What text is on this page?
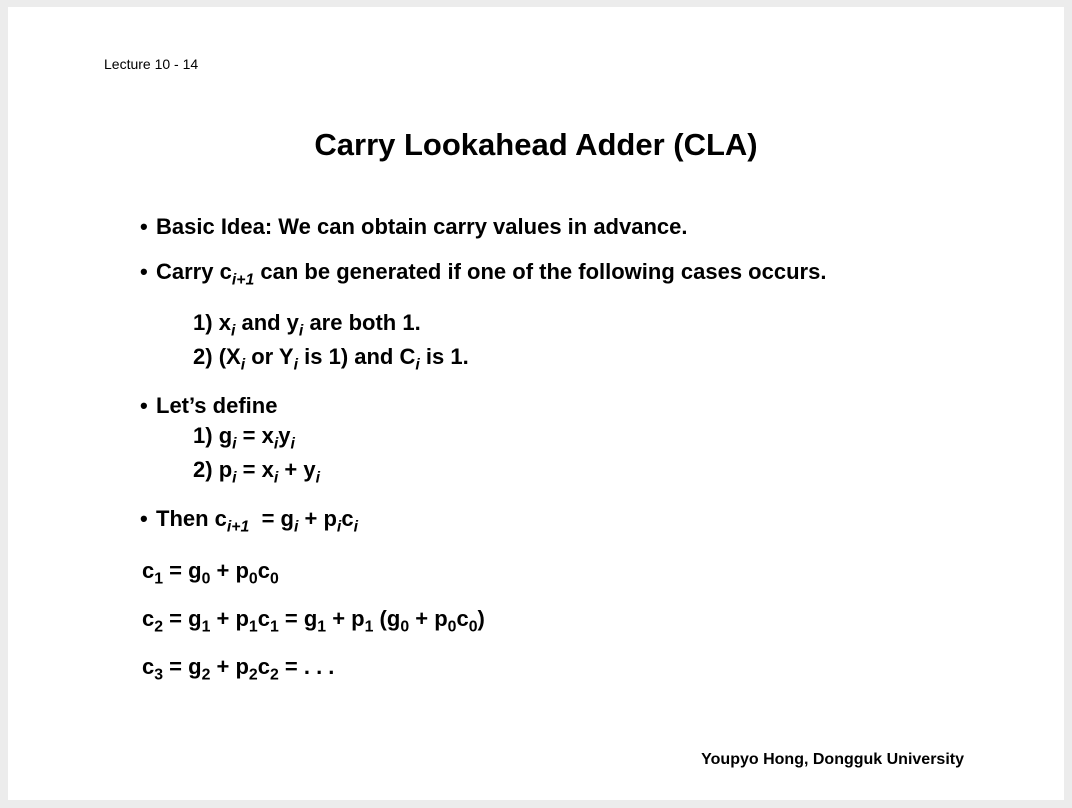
Lecture 10 - 14
Carry Lookahead Adder (CLA)
• Basic Idea: We can obtain carry values in advance.
• Carry $c_{i+1}$ can be generated if one of the following cases occurs.
1) $x_i$ and $y_i$ are both 1.
2) ($X_i$ or $Y_i$ is 1) and $C_i$ is 1.
• Let’s define
1) $g_i = x_iy_i$
2) $p_i = x_i + y_i$
• Then $c_{i+1} = g_i + p_ic_i$
$c_1 = g_0 + p_0c_0$
$c_2 = g_1 + p_1c_1 = g_1 + p_1$ $(g_0 + p_0c_0)$
$c_3 = g_2 + p_2c_2$ = . . .
Youpyo Hong, Dongguk University
